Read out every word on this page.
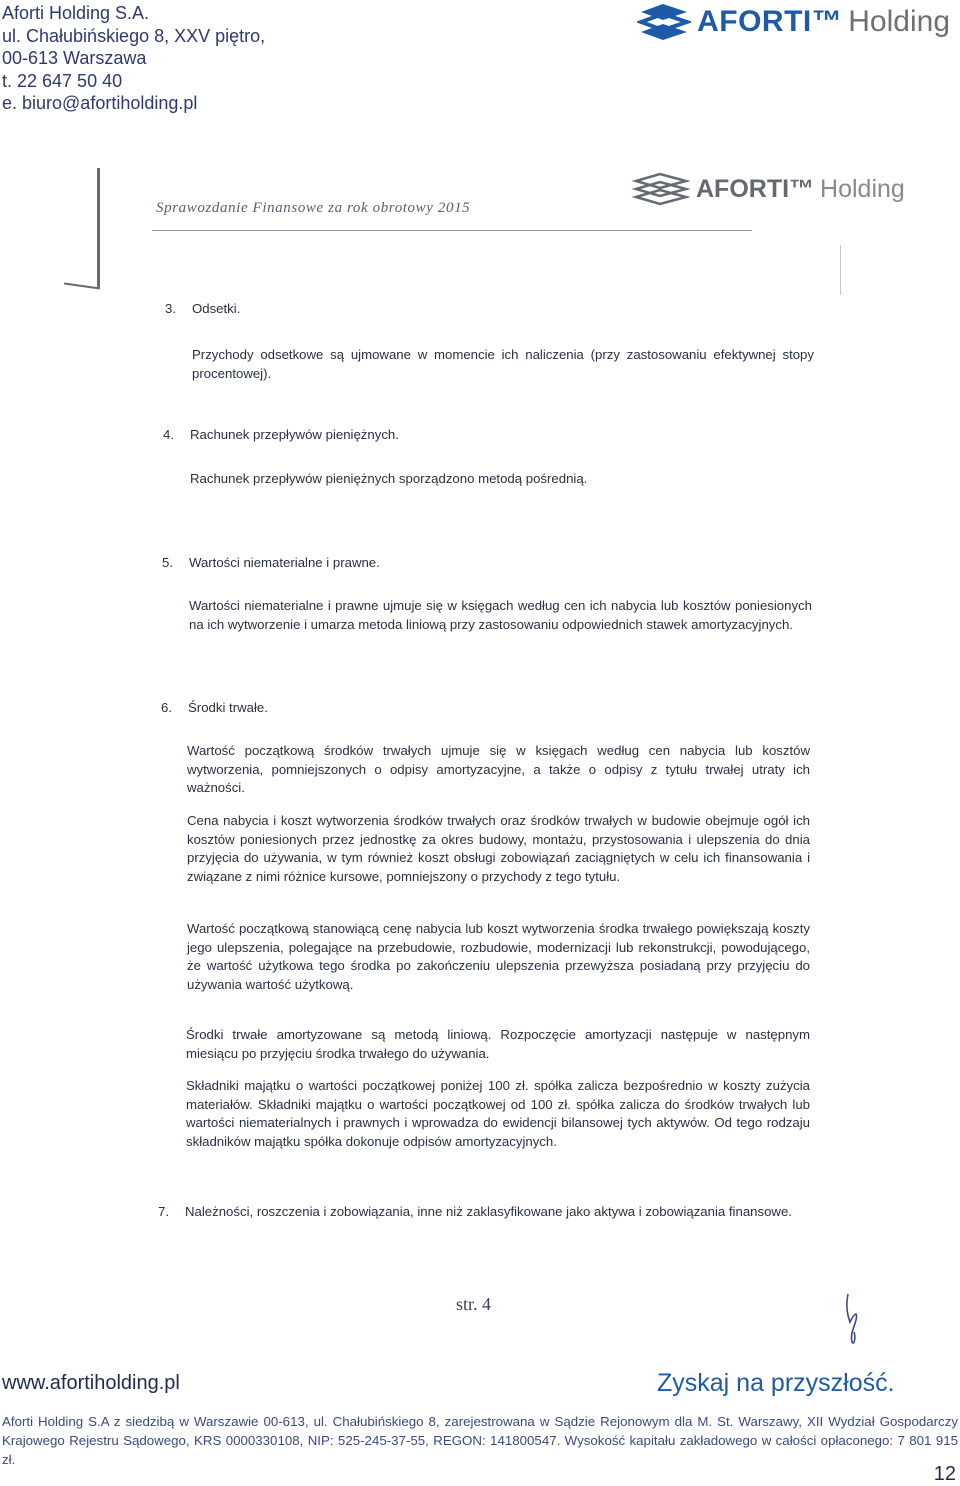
Aforti Holding S.A.
ul. Chałubińskiego 8, XXV piętro,
00-613 Warszawa
t. 22 647 50 40
e. biuro@afortiholding.pl
AFORTI™ Holding
Sprawozdanie Finansowe za rok obrotowy 2015
AFORTI™ Holding
3. Odsetki.

Przychody odsetkowe są ujmowane w momencie ich naliczenia (przy zastosowaniu efektywnej stopy procentowej).

4. Rachunek przepływów pieniężnych.

Rachunek przepływów pieniężnych sporządzono metodą pośrednią.

5. Wartości niematerialne i prawne.

Wartości niematerialne i prawne ujmuje się w księgach według cen ich nabycia lub kosztów poniesionych na ich wytworzenie i umarza metoda liniową przy zastosowaniu odpowiednich stawek amortyzacyjnych.

6. Środki trwałe.

Wartość początkową środków trwałych ujmuje się w księgach według cen nabycia lub kosztów wytworzenia, pomniejszonych o odpisy amortyzacyjne, a także o odpisy z tytułu trwałej utraty ich ważności.

Cena nabycia i koszt wytworzenia środków trwałych oraz środków trwałych w budowie obejmuje ogół ich kosztów poniesionych przez jednostkę za okres budowy, montażu, przystosowania i ulepszenia do dnia przyjęcia do używania, w tym również koszt obsługi zobowiązań zaciągniętych w celu ich finansowania i związane z nimi różnice kursowe, pomniejszony o przychody z tego tytułu.

Wartość początkową stanowiącą cenę nabycia lub koszt wytworzenia środka trwałego powiększają koszty jego ulepszenia, polegające na przebudowie, rozbudowie, modernizacji lub rekonstrukcji, powodującego, że wartość użytkowa tego środka po zakończeniu ulepszenia przewyższa posiadaną przy przyjęciu do używania wartość użytkową.

Środki trwałe amortyzowane są metodą liniową. Rozpoczęcie amortyzacji następuje w następnym miesiącu po przyjęciu środka trwałego do używania.

Składniki majątku o wartości początkowej poniżej 100 zł. spółka zalicza bezpośrednio w koszty zużycia materiałów. Składniki majątku o wartości początkowej od 100 zł. spółka zalicza do środków trwałych lub wartości niematerialnych i prawnych i wprowadza do ewidencji bilansowej tych aktywów. Od tego rodzaju składników majątku spółka dokonuje odpisów amortyzacyjnych.

7. Należności, roszczenia i zobowiązania, inne niż zaklasyfikowane jako aktywa i zobowiązania finansowe.

str. 4
www.afortiholding.pl	Zyskaj na przyszłość.
Aforti Holding S.A z siedzibą w Warszawie 00-613, ul. Chałubińskiego 8, zarejestrowana w Sądzie Rejonowym dla M. St. Warszawy, XII Wydział Gospodarczy Krajowego Rejestru Sądowego, KRS 0000330108, NIP: 525-245-37-55, REGON: 141800547. Wysokość kapitału zakładowego w całości opłaconego: 7 801 915 zł.
12
